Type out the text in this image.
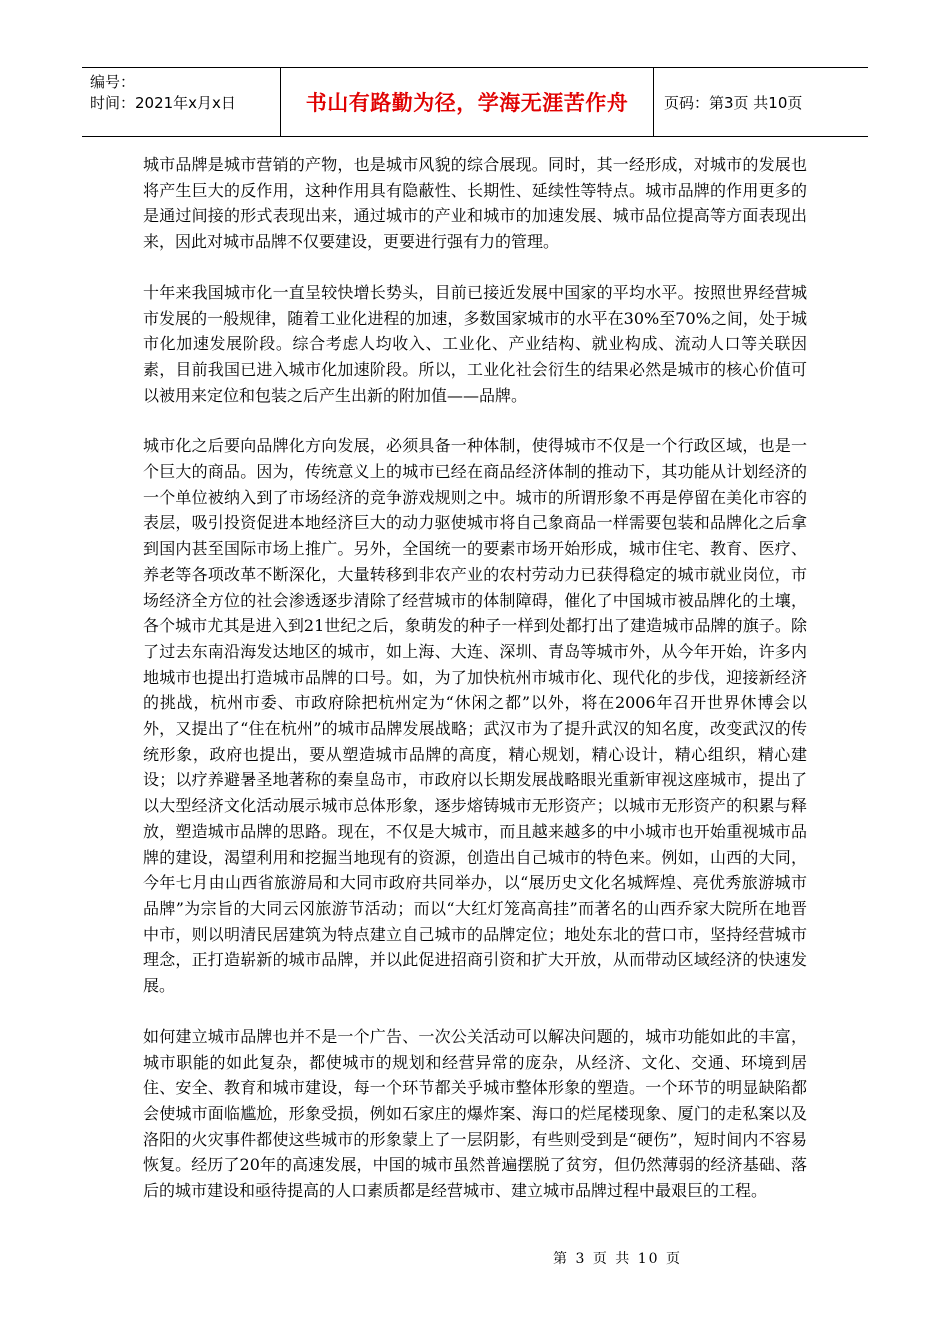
编号：
时间：2021年x月x日	书山有路勤为径，学海无涯苦作舟	页码：第3页 共10页

城市品牌是城市营销的产物，也是城市风貌的综合展现。同时，其一经形成，对城市的发展也将产生巨大的反作用，这种作用具有隐蔽性、长期性、延续性等特点。城市品牌的作用更多的是通过间接的形式表现出来，通过城市的产业和城市的加速发展、城市品位提高等方面表现出来，因此对城市品牌不仅要建设，更要进行强有力的管理。

十年来我国城市化一直呈较快增长势头，目前已接近发展中国家的平均水平。按照世界经营城市发展的一般规律，随着工业化进程的加速，多数国家城市的水平在30%至70%之间，处于城市化加速发展阶段。综合考虑人均收入、工业化、产业结构、就业构成、流动人口等关联因素，目前我国已进入城市化加速阶段。所以，工业化社会衍生的结果必然是城市的核心价值可以被用来定位和包装之后产生出新的附加值——品牌。

城市化之后要向品牌化方向发展，必须具备一种体制，使得城市不仅是一个行政区域，也是一个巨大的商品。因为，传统意义上的城市已经在商品经济体制的推动下，其功能从计划经济的一个单位被纳入到了市场经济的竞争游戏规则之中。城市的所谓形象不再是停留在美化市容的表层，吸引投资促进本地经济巨大的动力驱使城市将自己象商品一样需要包装和品牌化之后拿到国内甚至国际市场上推广。另外，全国统一的要素市场开始形成，城市住宅、教育、医疗、养老等各项改革不断深化，大量转移到非农产业的农村劳动力已获得稳定的城市就业岗位，市场经济全方位的社会渗透逐步清除了经营城市的体制障碍，催化了中国城市被品牌化的土壤，各个城市尤其是进入到21世纪之后，象萌发的种子一样到处都打出了建造城市品牌的旗子。除了过去东南沿海发达地区的城市，如上海、大连、深圳、青岛等城市外，从今年开始，许多内地城市也提出打造城市品牌的口号。如，为了加快杭州市城市化、现代化的步伐，迎接新经济的挑战，杭州市委、市政府除把杭州定为“休闲之都”以外，将在2006年召开世界休博会以外，又提出了“住在杭州”的城市品牌发展战略；武汉市为了提升武汉的知名度，改变武汉的传统形象，政府也提出，要从塑造城市品牌的高度，精心规划，精心设计，精心组织，精心建设；以疗养避暑圣地著称的秦皇岛市，市政府以长期发展战略眼光重新审视这座城市，提出了以大型经济文化活动展示城市总体形象，逐步熔铸城市无形资产；以城市无形资产的积累与释放，塑造城市品牌的思路。现在，不仅是大城市，而且越来越多的中小城市也开始重视城市品牌的建设，渴望利用和挖掘当地现有的资源，创造出自己城市的特色来。例如，山西的大同，今年七月由山西省旅游局和大同市政府共同举办，以“展历史文化名城辉煌、亮优秀旅游城市品牌”为宗旨的大同云冈旅游节活动；而以“大红灯笼高高挂”而著名的山西乔家大院所在地晋中市，则以明清民居建筑为特点建立自己城市的品牌定位；地处东北的营口市，坚持经营城市理念，正打造崭新的城市品牌，并以此促进招商引资和扩大开放，从而带动区域经济的快速发展。

如何建立城市品牌也并不是一个广告、一次公关活动可以解决问题的，城市功能如此的丰富，城市职能的如此复杂，都使城市的规划和经营异常的庞杂，从经济、文化、交通、环境到居住、安全、教育和城市建设，每一个环节都关乎城市整体形象的塑造。一个环节的明显缺陷都会使城市面临尴尬，形象受损，例如石家庄的爆炸案、海口的烂尾楼现象、厦门的走私案以及洛阳的火灾事件都使这些城市的形象蒙上了一层阴影，有些则受到是“硬伤”，短时间内不容易恢复。经历了20年的高速发展，中国的城市虽然普遍摆脱了贫穷，但仍然薄弱的经济基础、落后的城市建设和亟待提高的人口素质都是经营城市、建立城市品牌过程中最艰巨的工程。

第 3 页 共 10 页
